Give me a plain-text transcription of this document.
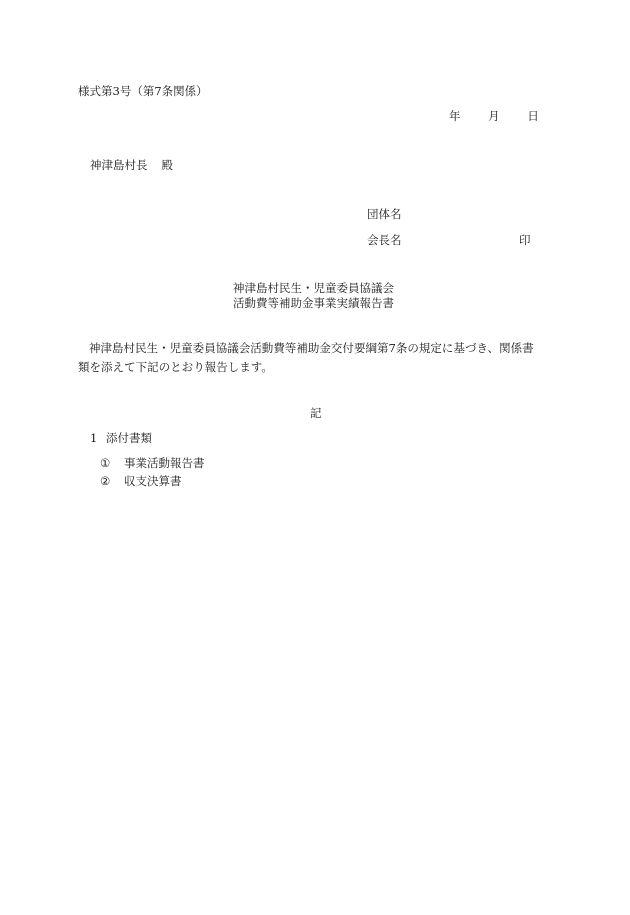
様式第3号（第7条関係）
年 月 日
神津島村長 殿
団体名
会長名	印
神津島村民生・児童委員協議会
活動費等補助金事業実績報告書
神津島村民生・児童委員協議会活動費等補助金交付要綱第7条の規定に基づき、関係書
類を添えて下記のとおり報告します。
記
1 添付書類
① 事業活動報告書
② 収支決算書
